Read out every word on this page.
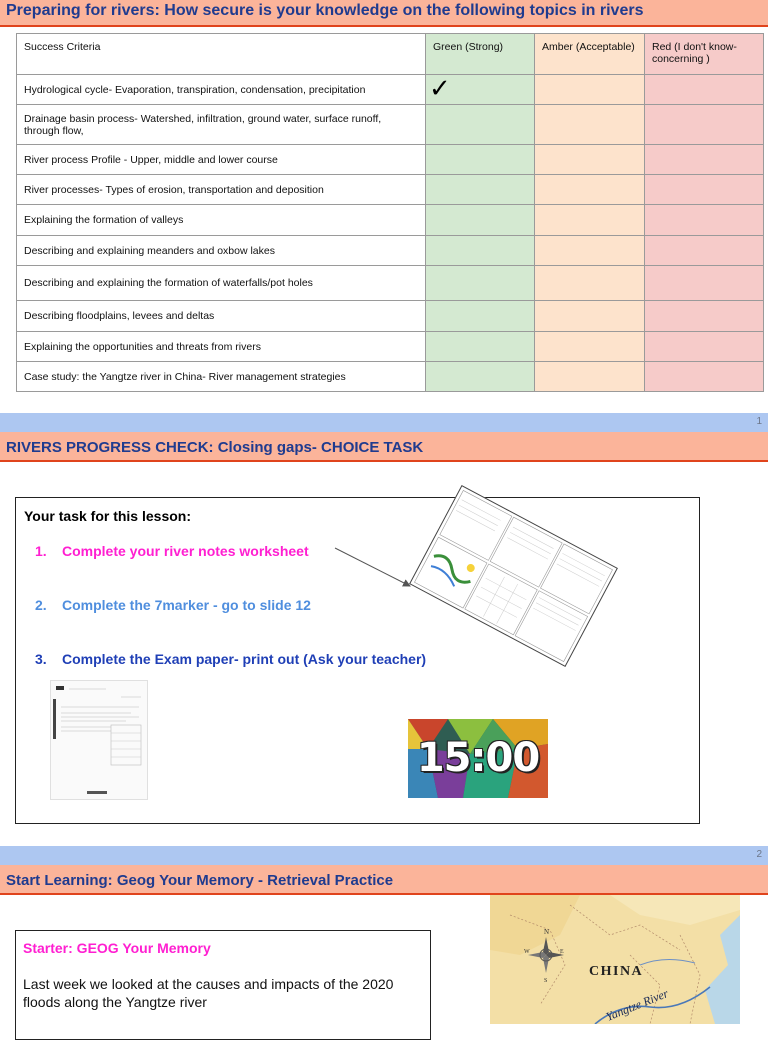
Preparing for rivers: How secure is your knowledge on the following topics in rivers
Success Criteria	Green (Strong)	Amber (Acceptable)	Red (I don't know- concerning )
Hydrological cycle- Evaporation, transpiration, condensation, precipitation	✓		
Drainage basin process- Watershed, infiltration, ground water, surface runoff, through flow,			
River process Profile - Upper, middle and lower course			
River processes- Types of erosion, transportation and deposition			
Explaining the formation of valleys			
Describing and explaining meanders and oxbow lakes			
Describing and explaining the formation of waterfalls/pot holes			
Describing floodplains, levees and deltas			
Explaining the opportunities and threats from rivers			
Case study: the Yangtze river in China- River management strategies			
1
RIVERS PROGRESS CHECK: Closing gaps- CHOICE TASK
Your task for this lesson:
1. Complete your river notes worksheet
2. Complete the 7marker - go to slide 12
3. Complete the Exam paper- print out (Ask your teacher)
15:00
2
Start Learning: Geog Your Memory - Retrieval Practice
Starter: GEOG Your Memory
Last week we looked at the causes and impacts of the 2020 floods along the Yangtze river
N
E
S
W
CHINA
Yangtze River
